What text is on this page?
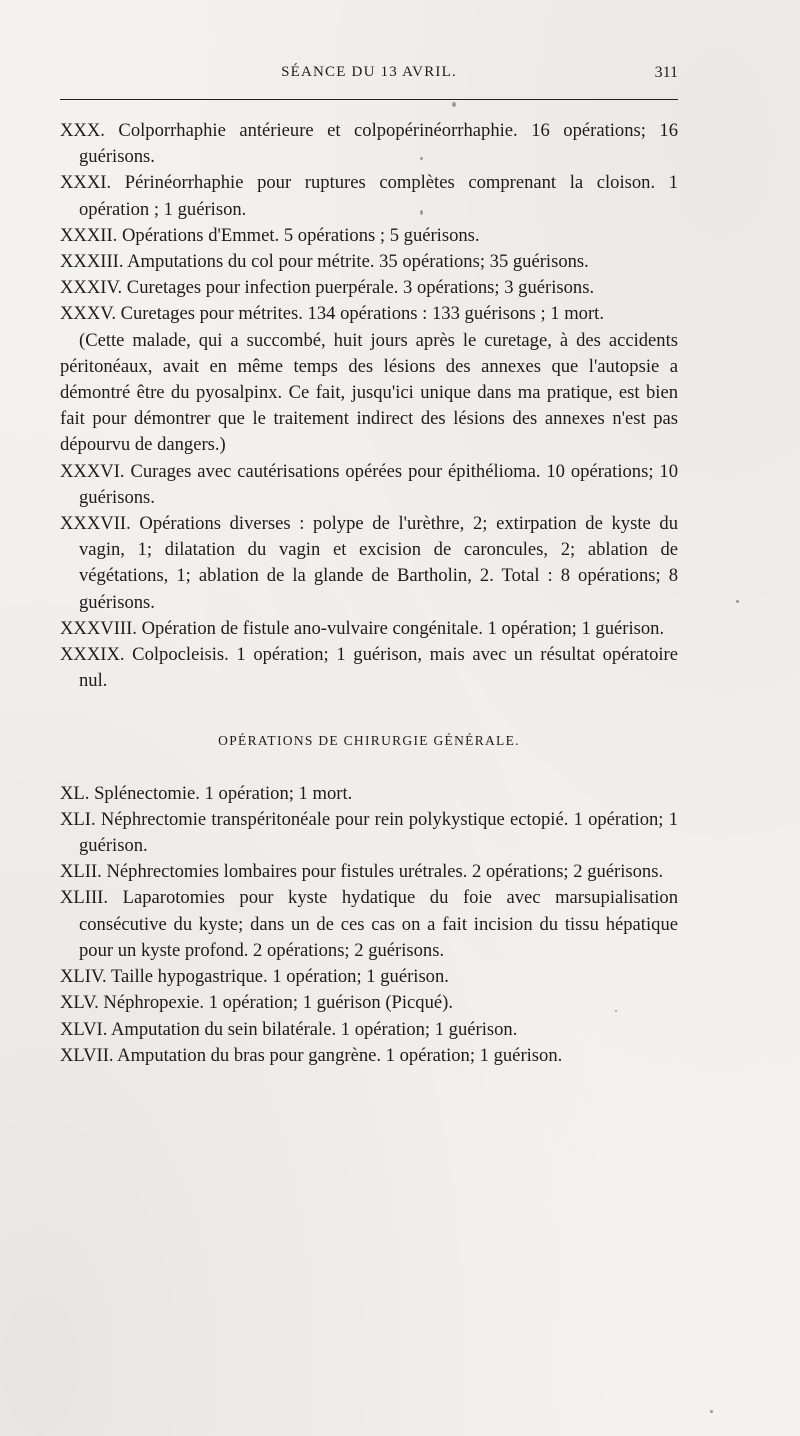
SÉANCE DU 13 AVRIL.	311

XXX. Colporrhaphie antérieure et colpopérinéorrhaphie. 16 opérations; 16 guérisons.

XXXI. Périnéorrhaphie pour ruptures complètes comprenant la cloison. 1 opération ; 1 guérison.

XXXII. Opérations d'Emmet. 5 opérations ; 5 guérisons.

XXXIII. Amputations du col pour métrite. 35 opérations; 35 guérisons.

XXXIV. Curetages pour infection puerpérale. 3 opérations; 3 guérisons.

XXXV. Curetages pour métrites. 134 opérations : 133 guérisons ; 1 mort.

(Cette malade, qui a succombé, huit jours après le curetage, à des accidents péritonéaux, avait en même temps des lésions des annexes que l'autopsie a démontré être du pyosalpinx. Ce fait, jusqu'ici unique dans ma pratique, est bien fait pour démontrer que le traitement indirect des lésions des annexes n'est pas dépourvu de dangers.)

XXXVI. Curages avec cautérisations opérées pour épithélioma. 10 opérations; 10 guérisons.

XXXVII. Opérations diverses : polype de l'urèthre, 2; extirpation de kyste du vagin, 1; dilatation du vagin et excision de caroncules, 2; ablation de végétations, 1; ablation de la glande de Bartholin, 2. Total : 8 opérations; 8 guérisons.

XXXVIII. Opération de fistule ano-vulvaire congénitale. 1 opération; 1 guérison.

XXXIX. Colpocleisis. 1 opération; 1 guérison, mais avec un résultat opératoire nul.

OPÉRATIONS DE CHIRURGIE GÉNÉRALE.

XL. Splénectomie. 1 opération; 1 mort.

XLI. Néphrectomie transpéritonéale pour rein polykystique ectopié. 1 opération; 1 guérison.

XLII. Néphrectomies lombaires pour fistules urétrales. 2 opérations; 2 guérisons.

XLIII. Laparotomies pour kyste hydatique du foie avec marsupialisation consécutive du kyste; dans un de ces cas on a fait incision du tissu hépatique pour un kyste profond. 2 opérations; 2 guérisons.

XLIV. Taille hypogastrique. 1 opération; 1 guérison.

XLV. Néphropexie. 1 opération; 1 guérison (Picqué).

XLVI. Amputation du sein bilatérale. 1 opération; 1 guérison.

XLVII. Amputation du bras pour gangrène. 1 opération; 1 guérison.
